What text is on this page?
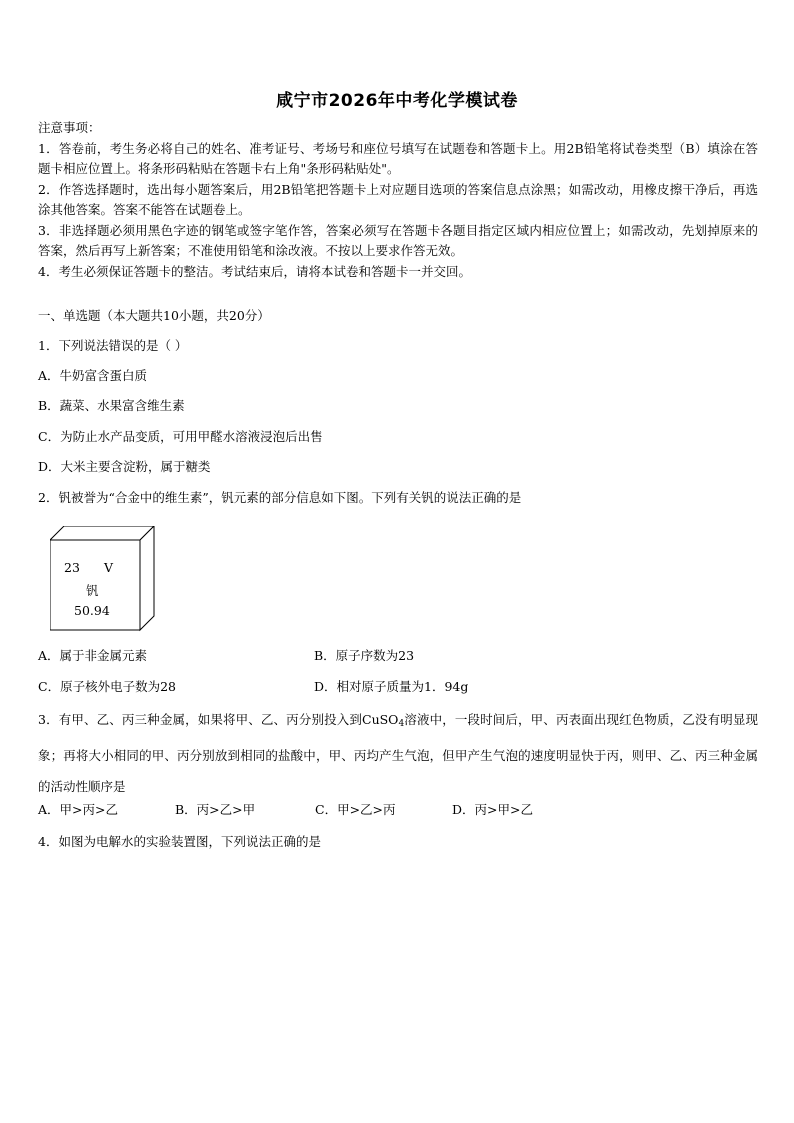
咸宁市2026年中考化学模试卷

注意事项：

1．答卷前，考生务必将自己的姓名、准考证号、考场号和座位号填写在试题卷和答题卡上。用2B铅笔将试卷类型（B）填涂在答题卡相应位置上。将条形码粘贴在答题卡右上角"条形码粘贴处"。

2．作答选择题时，选出每小题答案后，用2B铅笔把答题卡上对应题目选项的答案信息点涂黑；如需改动，用橡皮擦干净后，再选涂其他答案。答案不能答在试题卷上。

3．非选择题必须用黑色字迹的钢笔或签字笔作答，答案必须写在答题卡各题目指定区域内相应位置上；如需改动，先划掉原来的答案，然后再写上新答案；不准使用铅笔和涂改液。不按以上要求作答无效。

4．考生必须保证答题卡的整洁。考试结束后，请将本试卷和答题卡一并交回。

一、单选题（本大题共10小题，共20分）
1．下列说法错误的是（ ）
A．牛奶富含蛋白质
B．蔬菜、水果富含维生素
C．为防止水产品变质，可用甲醛水溶液浸泡后出售
D．大米主要含淀粉，属于糖类
2．钒被誉为“合金中的维生素”，钒元素的部分信息如下图。下列有关钒的说法正确的是
23 V
钒
50.94
A．属于非金属元素	B．原子序数为23
C．原子核外电子数为28	D．相对原子质量为1．94g
3．有甲、乙、丙三种金属，如果将甲、乙、丙分别投入到CuSO$_4$溶液中，一段时间后，甲、丙表面出现红色物质，乙没有明显现象；再将大小相同的甲、丙分别放到相同的盐酸中，甲、丙均产生气泡，但甲产生气泡的速度明显快于丙，则甲、乙、丙三种金属的活动性顺序是
A．甲>丙>乙	B．丙>乙>甲	C．甲>乙>丙	D．丙>甲>乙
4．如图为电解水的实验装置图，下列说法正确的是
